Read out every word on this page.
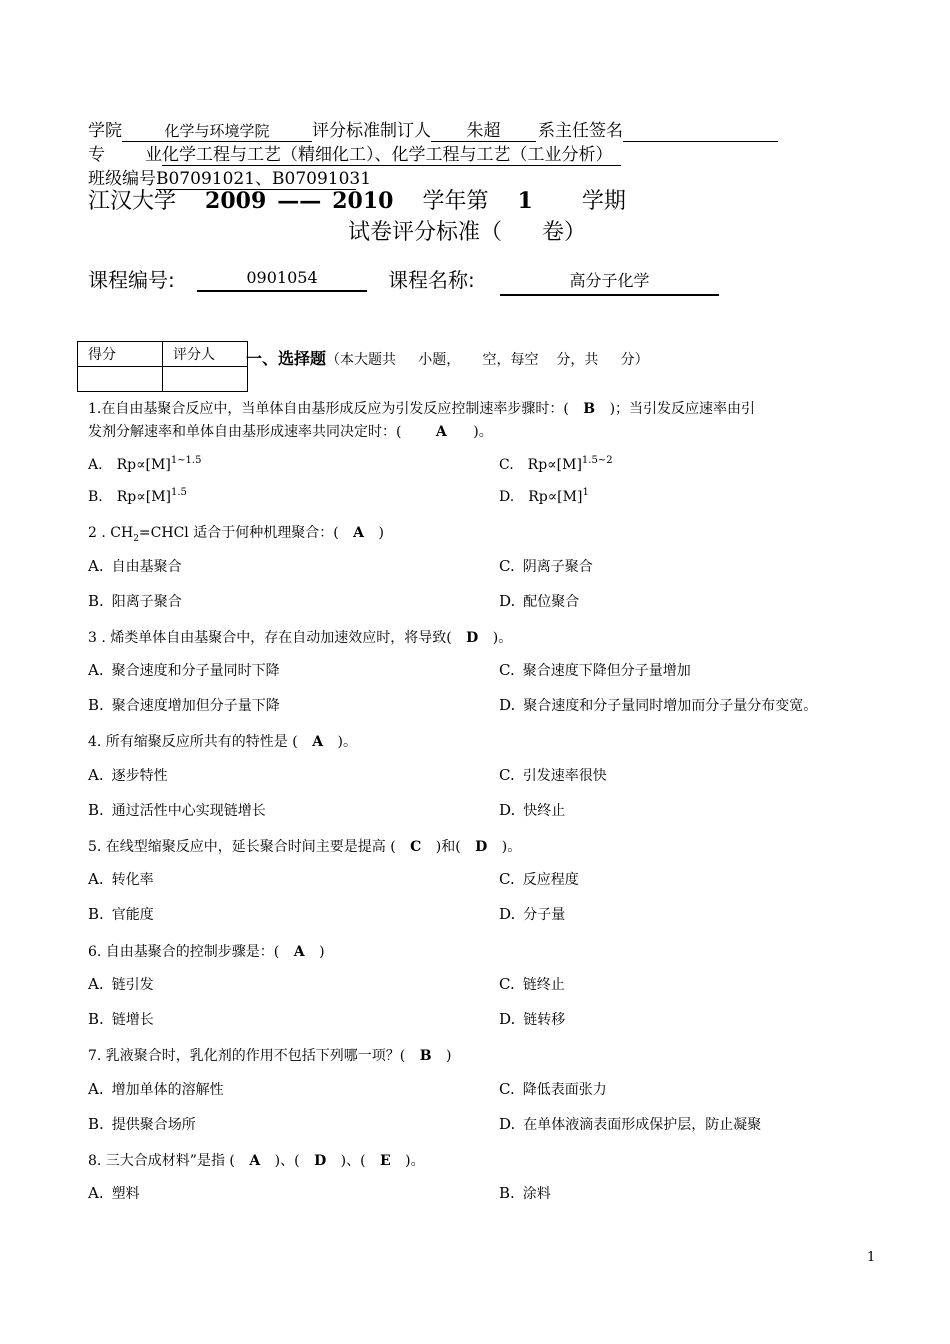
学院	化学与环境学院	评分标准制订人 朱超 系主任签名
专 业化学工程与工艺（精细化工）、化学工程与工艺（工业分析）
班级编号B07091021、B07091031
江汉大学 2009 —— 2010 学年第 1 学期
试卷评分标准（ 卷）
课程编号:	0901054	课程名称:	高分子化学
得分	评分人
	一、选择题（本大题共     小题，     空，每空    分，共     分）
1.在自由基聚合反应中，当单体自由基形成反应为引发反应控制速率步骤时：( B )；当引发反应速率由引
发剂分解速率和单体自由基形成速率共同决定时：( A )。
A. $Rp\propto[M]^{1\sim 1.5}$	C. $Rp\propto[M]^{1.5\sim 2}$
B. $Rp\propto[M]^{1.5}$	D. $Rp\propto[M]^1$
2 . $CH_2=CHCl$ 适合于何种机理聚合：( A )
A. 自由基聚合	C. 阴离子聚合
B. 阳离子聚合	D. 配位聚合
3 . 烯类单体自由基聚合中，存在自动加速效应时，将导致( D )。
A. 聚合速度和分子量同时下降	C. 聚合速度下降但分子量增加
B. 聚合速度增加但分子量下降	D. 聚合速度和分子量同时增加而分子量分布变宽。
4. 所有缩聚反应所共有的特性是 ( A )。
A. 逐步特性	C. 引发速率很快
B. 通过活性中心实现链增长	D. 快终止
5. 在线型缩聚反应中，延长聚合时间主要是提高 ( C )和( D )。
A. 转化率	C. 反应程度
B. 官能度	D. 分子量
6. 自由基聚合的控制步骤是：( A )
A. 链引发	C. 链终止
B. 链增长	D. 链转移
7. 乳液聚合时，乳化剂的作用不包括下列哪一项？( B )
A. 增加单体的溶解性	C. 降低表面张力
B. 提供聚合场所	D. 在单体液滴表面形成保护层，防止凝聚
8. 三大合成材料”是指 ( A )、( D )、( E )。
A. 塑料	B. 涂料
1
